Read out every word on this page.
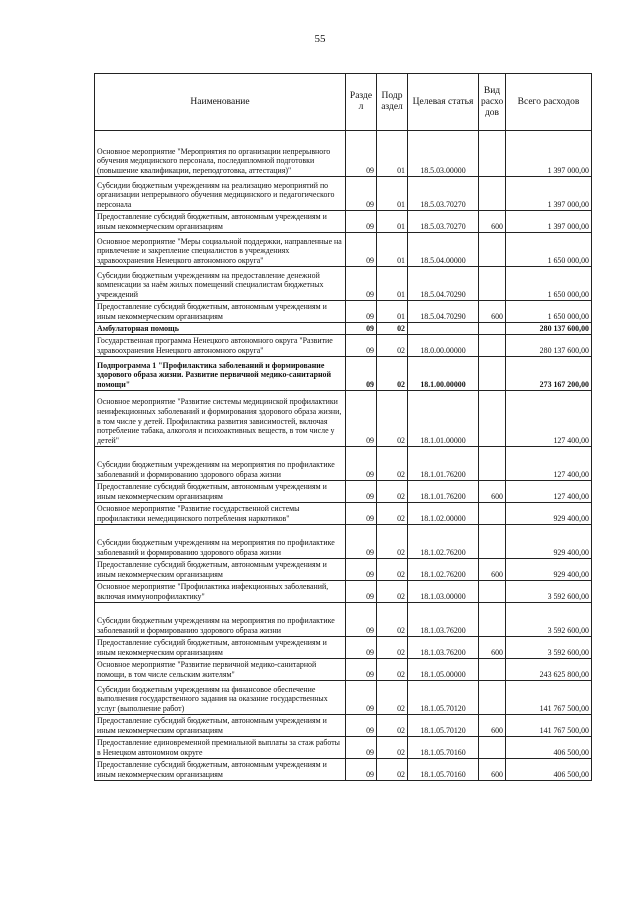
55
Наименование	Разде л	Подр аздел	Целевая статья	Вид расхо дов	Всего расходов
Основное мероприятие "Мероприятия по организации непрерывного обучения медицинского персонала, последипломной подготовки (повышение квалификации, переподготовка, аттестация)"	09	01	18.5.03.00000		1 397 000,00
Субсидии бюджетным учреждениям на реализацию мероприятий по организации непрерывного обучения медицинского и педагогического персонала	09	01	18.5.03.70270		1 397 000,00
Предоставление субсидий бюджетным, автономным учреждениям и иным некоммерческим организациям	09	01	18.5.03.70270	600	1 397 000,00
Основное мероприятие "Меры социальной поддержки, направленные на привлечение и закрепление специалистов в учреждениях здравоохранения Ненецкого автономного округа"	09	01	18.5.04.00000		1 650 000,00
Субсидии бюджетным учреждениям на предоставление денежной компенсации за наём жилых помещений специалистам бюджетных учреждений	09	01	18.5.04.70290		1 650 000,00
Предоставление субсидий бюджетным, автономным учреждениям и иным некоммерческим организациям	09	01	18.5.04.70290	600	1 650 000,00
Амбулаторная помощь	09	02			280 137 600,00
Государственная программа Ненецкого автономного округа "Развитие здравоохранения Ненецкого автономного округа"	09	02	18.0.00.00000		280 137 600,00
Подпрограмма 1 "Профилактика заболеваний и формирование здорового образа жизни. Развитие первичной медико-санитарной помощи"	09	02	18.1.00.00000		273 167 200,00
Основное мероприятие "Развитие системы медицинской профилактики неинфекционных заболеваний и формирования здорового образа жизни, в том числе у детей. Профилактика развития зависимостей, включая потребление табака, алкоголя и психоактивных веществ, в том числе у детей"	09	02	18.1.01.00000		127 400,00
Субсидии бюджетным учреждениям на мероприятия по профилактике заболеваний и формированию здорового образа жизни	09	02	18.1.01.76200		127 400,00
Предоставление субсидий бюджетным, автономным учреждениям и иным некоммерческим организациям	09	02	18.1.01.76200	600	127 400,00
Основное мероприятие "Развитие государственной системы профилактики немедицинского потребления наркотиков"	09	02	18.1.02.00000		929 400,00
Субсидии бюджетным учреждениям на мероприятия по профилактике заболеваний и формированию здорового образа жизни	09	02	18.1.02.76200		929 400,00
Предоставление субсидий бюджетным, автономным учреждениям и иным некоммерческим организациям	09	02	18.1.02.76200	600	929 400,00
Основное мероприятие "Профилактика инфекционных заболеваний, включая иммунопрофилактику"	09	02	18.1.03.00000		3 592 600,00
Субсидии бюджетным учреждениям на мероприятия по профилактике заболеваний и формированию здорового образа жизни	09	02	18.1.03.76200		3 592 600,00
Предоставление субсидий бюджетным, автономным учреждениям и иным некоммерческим организациям	09	02	18.1.03.76200	600	3 592 600,00
Основное мероприятие "Развитие первичной медико-санитарной помощи, в том числе сельским жителям"	09	02	18.1.05.00000		243 625 800,00
Субсидии бюджетным учреждениям на финансовое обеспечение выполнения государственного задания на оказание государственных услуг (выполнение работ)	09	02	18.1.05.70120		141 767 500,00
Предоставление субсидий бюджетным, автономным учреждениям и иным некоммерческим организациям	09	02	18.1.05.70120	600	141 767 500,00
Предоставление единовременной премиальной выплаты за стаж работы в Ненецком автономном округе	09	02	18.1.05.70160		406 500,00
Предоставление субсидий бюджетным, автономным учреждениям и иным некоммерческим организациям	09	02	18.1.05.70160	600	406 500,00
